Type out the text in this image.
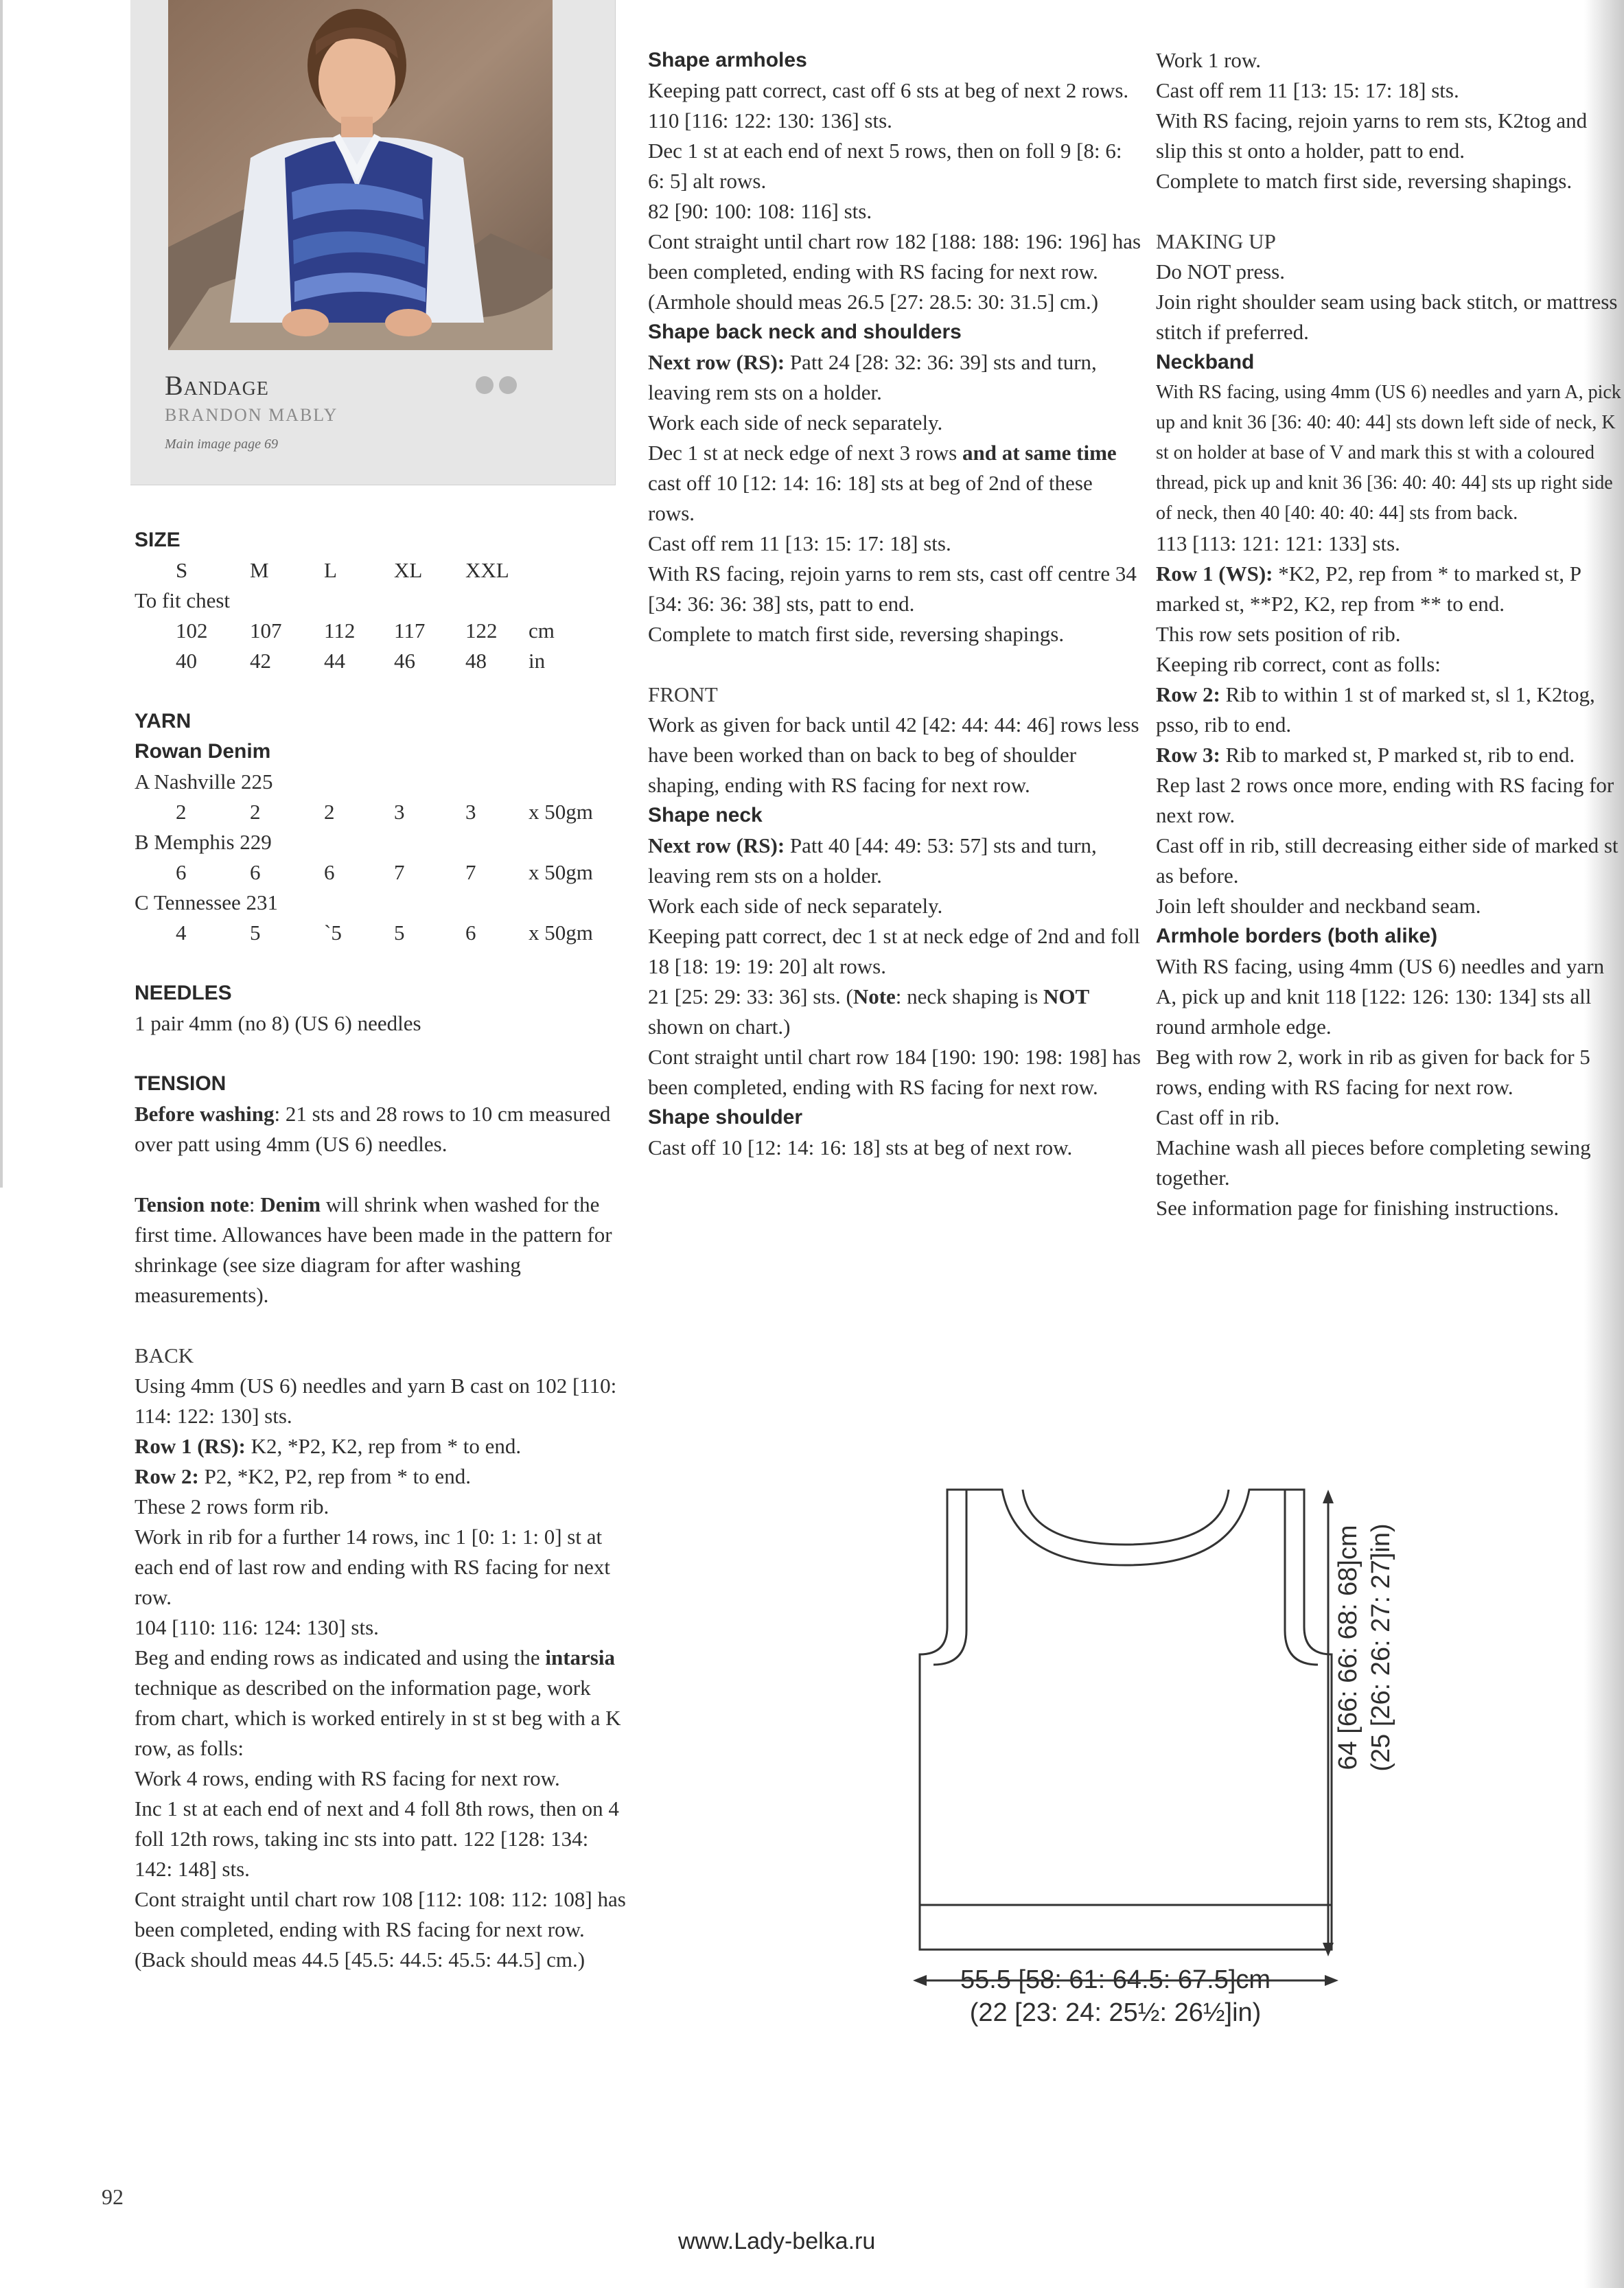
Bandage
BRANDON MABLY
Main image page 69

SIZE

S	M	L	XL	XXL

To fit chest

102	107	112	117	122	cm
40	42	44	46	48	in

YARN

Rowan Denim

A Nashville 225

2	2	2	3	3	x 50gm

B Memphis 229

6	6	6	7	7	x 50gm

C Tennessee 231

4	5	`5	5	6	x 50gm

NEEDLES

1 pair 4mm (no 8) (US 6) needles

TENSION

Before washing: 21 sts and 28 rows to 10 cm measured over patt using 4mm (US 6) needles.

Tension note: Denim will shrink when washed for the first time. Allowances have been made in the pattern for shrinkage (see size diagram for after washing measurements).

BACK

Using 4mm (US 6) needles and yarn B cast on 102 [110: 114: 122: 130] sts.

Row 1 (RS): K2, *P2, K2, rep from * to end.

Row 2: P2, *K2, P2, rep from * to end.

These 2 rows form rib.

Work in rib for a further 14 rows, inc 1 [0: 1: 1: 0] st at each end of last row and ending with RS facing for next row.

104 [110: 116: 124: 130] sts.

Beg and ending rows as indicated and using the intarsia technique as described on the information page, work from chart, which is worked entirely in st st beg with a K row, as folls:

Work 4 rows, ending with RS facing for next row.

Inc 1 st at each end of next and 4 foll 8th rows, then on 4 foll 12th rows, taking inc sts into patt. 122 [128: 134: 142: 148] sts.

Cont straight until chart row 108 [112: 108: 112: 108] has been completed, ending with RS facing for next row. (Back should meas 44.5 [45.5: 44.5: 45.5: 44.5] cm.)

Shape armholes

Keeping patt correct, cast off 6 sts at beg of next 2 rows.

110 [116: 122: 130: 136] sts.

Dec 1 st at each end of next 5 rows, then on foll 9 [8: 6: 6: 5] alt rows.

82 [90: 100: 108: 116] sts.

Cont straight until chart row 182 [188: 188: 196: 196] has been completed, ending with RS facing for next row. (Armhole should meas 26.5 [27: 28.5: 30: 31.5] cm.)

Shape back neck and shoulders

Next row (RS): Patt 24 [28: 32: 36: 39] sts and turn, leaving rem sts on a holder.

Work each side of neck separately.

Dec 1 st at neck edge of next 3 rows and at same time cast off 10 [12: 14: 16: 18] sts at beg of 2nd of these rows.

Cast off rem 11 [13: 15: 17: 18] sts.

With RS facing, rejoin yarns to rem sts, cast off centre 34 [34: 36: 36: 38] sts, patt to end.

Complete to match first side, reversing shapings.

FRONT

Work as given for back until 42 [42: 44: 44: 46] rows less have been worked than on back to beg of shoulder shaping, ending with RS facing for next row.

Shape neck

Next row (RS): Patt 40 [44: 49: 53: 57] sts and turn, leaving rem sts on a holder.

Work each side of neck separately.

Keeping patt correct, dec 1 st at neck edge of 2nd and foll 18 [18: 19: 19: 20] alt rows.

21 [25: 29: 33: 36] sts. (Note: neck shaping is NOT shown on chart.)

Cont straight until chart row 184 [190: 190: 198: 198] has been completed, ending with RS facing for next row.

Shape shoulder

Cast off 10 [12: 14: 16: 18] sts at beg of next row.

Work 1 row.

Cast off rem 11 [13: 15: 17: 18] sts.

With RS facing, rejoin yarns to rem sts, K2tog and slip this st onto a holder, patt to end.

Complete to match first side, reversing shapings.

MAKING UP

Do NOT press.

Join right shoulder seam using back stitch, or mattress stitch if preferred.

Neckband

With RS facing, using 4mm (US 6) needles and yarn A, pick up and knit 36 [36: 40: 40: 44] sts down left side of neck, K st on holder at base of V and mark this st with a coloured thread, pick up and knit 36 [36: 40: 40: 44] sts up right side of neck, then 40 [40: 40: 40: 44] sts from back.

113 [113: 121: 121: 133] sts.

Row 1 (WS): *K2, P2, rep from * to marked st, P marked st, **P2, K2, rep from ** to end.

This row sets position of rib.

Keeping rib correct, cont as folls:

Row 2: Rib to within 1 st of marked st, sl 1, K2tog, psso, rib to end.

Row 3: Rib to marked st, P marked st, rib to end.

Rep last 2 rows once more, ending with RS facing for next row.

Cast off in rib, still decreasing either side of marked st as before.

Join left shoulder and neckband seam.

Armhole borders (both alike)

With RS facing, using 4mm (US 6) needles and yarn A, pick up and knit 118 [122: 126: 130: 134] sts all round armhole edge.

Beg with row 2, work in rib as given for back for 5 rows, ending with RS facing for next row.

Cast off in rib.

Machine wash all pieces before completing sewing together.

See information page for finishing instructions.

55.5 [58: 61: 64.5: 67.5]cm
(22 [23: 24: 25½: 26½]in)
64 [66: 66: 68: 68]cm (25 [26: 26: 27: 27]in)
92
www.Lady-belka.ru
